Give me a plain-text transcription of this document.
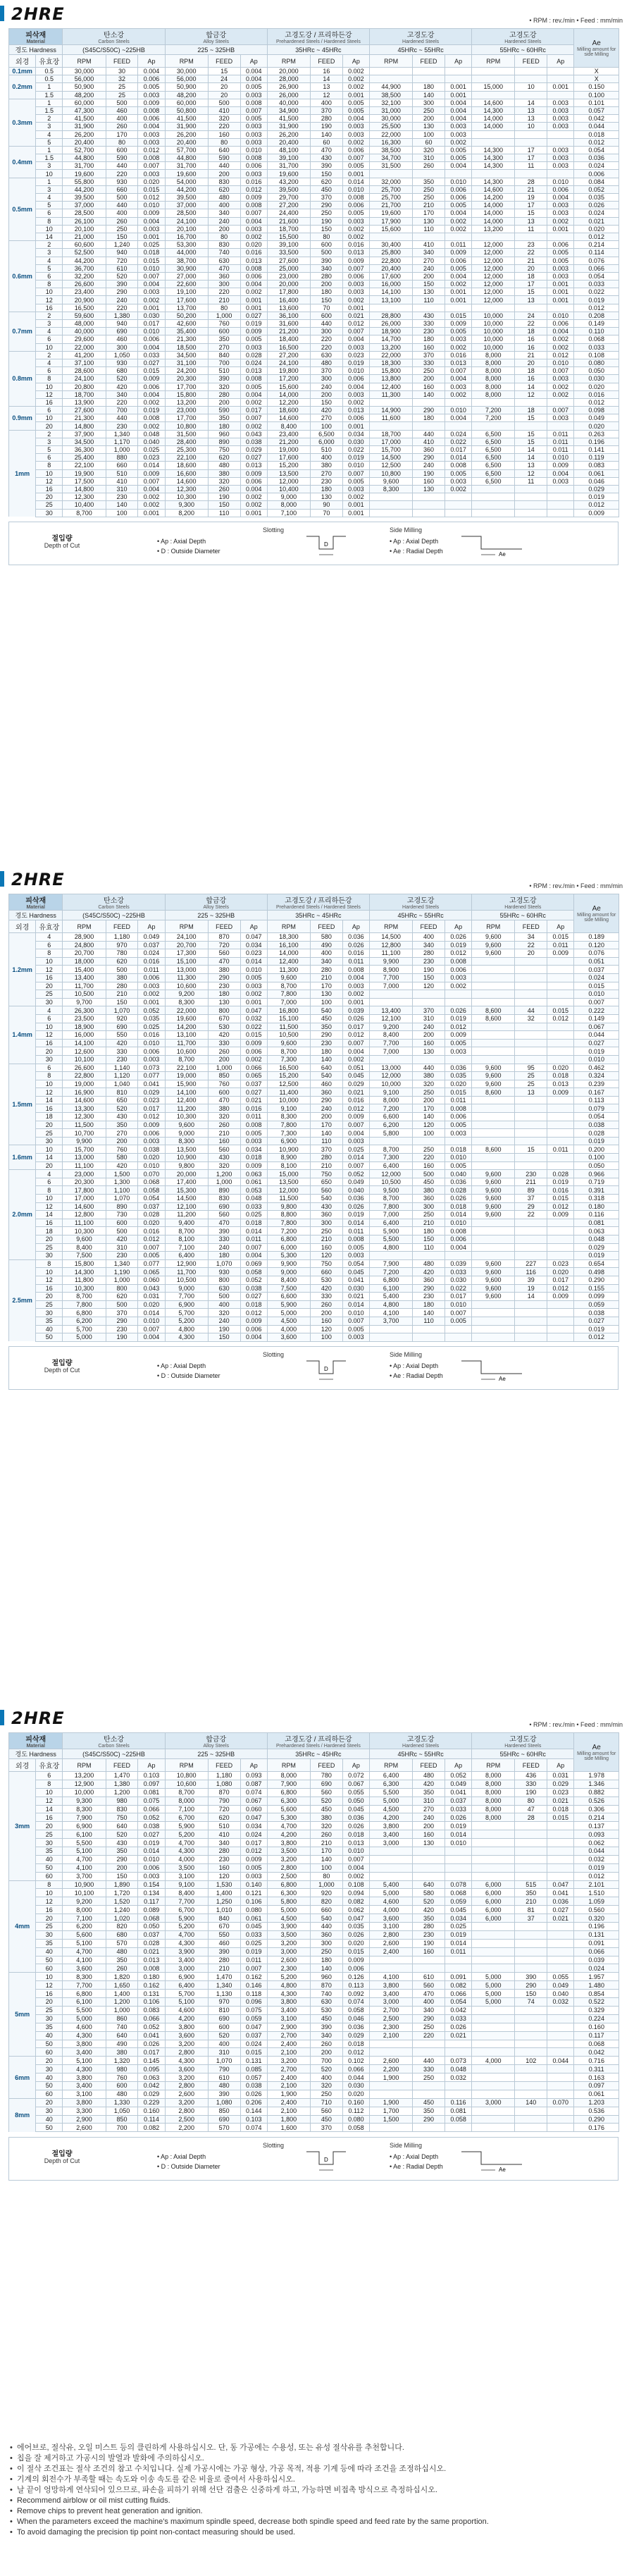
2HRE	• RPM : rev./min • Feed : mm/min
피삭재
Material		탄소강
Carbon Steels			합금강
Alloy Steels			고경도강 / 프리하든강
Prehardened Steels / Hardened Steels			고경도강
Hardened Steels			고경도강
Hardened Steels			Ae
Milling amount for side Milling

경도 Hardness		(S45C/S50C) ~225HB			225 ~ 325HB			35HRc ~ 45HRc			45HRc ~ 55HRc			55HRc ~ 60HRc			

외경	유효장	RPM	FEED	Ap	RPM	FEED	Ap	RPM	FEED	Ap	RPM	FEED	Ap	RPM	FEED	Ap	
0.1mm	0.5	30,000	30	0.004	30,000	15	0.004	20,000	16	0.002							X
0.2mm	0.5	56,000	32	0.006	56,000	24	0.004	28,000	14	0.002							X
	1	50,900	25	0.005	50,900	20	0.005	26,900	13	0.002	44,900	180	0.001	15,000	10	0.001	0.150
	1.5	48,200	25	0.003	48,200	20	0.003	26,000	12	0.001	38,500	140	0.001				0.100
0.3mm	1	60,000	500	0.009	60,000	500	0.008	40,000	400	0.005	32,100	300	0.004	14,600	14	0.003	0.101
	1.5	47,300	460	0.008	50,800	410	0.007	34,900	370	0.005	31,000	250	0.004	14,300	13	0.003	0.057
	2	41,500	400	0.006	41,500	320	0.005	41,500	280	0.004	30,000	200	0.004	14,000	13	0.003	0.042
	3	31,900	260	0.004	31,900	220	0.003	31,900	190	0.003	25,500	130	0.003	14,000	10	0.003	0.044
	4	26,200	170	0.003	26,200	160	0.003	26,200	140	0.003	22,000	100	0.003				0.018
	5	20,400	80	0.003	20,400	80	0.003	20,400	60	0.002	16,300	60	0.002				0.012
0.4mm	1	52,700	600	0.012	57,700	640	0.010	48,100	470	0.006	38,500	320	0.005	14,300	17	0.003	0.054
	1.5	44,800	590	0.008	44,800	590	0.008	39,100	430	0.007	34,700	310	0.005	14,300	17	0.003	0.036
	3	31,700	440	0.007	31,700	440	0.006	31,700	390	0.005	31,500	260	0.004	14,300	11	0.003	0.024
	10	19,600	220	0.003	19,600	200	0.003	19,600	150	0.001							0.006
0.5mm	1	55,800	930	0.020	54,000	830	0.016	43,200	620	0.014	32,000	350	0.010	14,300	28	0.010	0.084
	3	44,200	660	0.015	44,200	620	0.012	39,500	450	0.010	25,700	250	0.006	14,600	21	0.006	0.052
	4	39,500	500	0.012	39,500	480	0.009	29,700	370	0.008	25,700	250	0.006	14,200	19	0.004	0.035
	5	37,000	440	0.010	37,000	400	0.008	27,200	290	0.006	21,700	210	0.005	14,000	17	0.003	0.026
	6	28,500	400	0.009	28,500	340	0.007	24,400	250	0.005	19,600	170	0.004	14,000	15	0.003	0.024
	8	26,100	260	0.004	24,100	240	0.004	21,600	190	0.003	17,900	130	0.002	14,000	13	0.002	0.021
	10	20,100	250	0.003	20,100	200	0.003	18,700	150	0.002	15,600	110	0.002	13,200	11	0.001	0.020
	14	21,000	150	0.001	16,700	80	0.002	15,500	80	0.002							0.012
0.6mm	2	60,600	1,240	0.025	53,300	830	0.020	39,100	600	0.016	30,400	410	0.011	12,000	23	0.006	0.214
	3	52,500	940	0.018	44,000	740	0.016	33,500	500	0.013	25,800	340	0.009	12,000	22	0.005	0.114
	4	44,200	720	0.015	38,700	630	0.013	27,600	390	0.009	22,800	270	0.006	12,000	21	0.005	0.076
	5	36,700	610	0.010	30,900	470	0.008	25,000	340	0.007	20,400	240	0.005	12,000	20	0.003	0.066
	6	32,200	520	0.007	27,000	360	0.006	23,000	280	0.006	17,600	200	0.004	12,000	18	0.003	0.054
	8	26,600	390	0.004	22,600	300	0.004	20,000	200	0.003	16,000	150	0.002	12,000	17	0.001	0.033
	10	23,400	290	0.003	19,100	220	0.002	17,800	180	0.003	14,100	130	0.001	12,000	15	0.001	0.022
	12	20,900	240	0.002	17,600	210	0.001	16,400	150	0.002	13,100	110	0.001	12,000	13	0.001	0.019
	16	16,500	220	0.001	13,700	80	0.001	13,600	70	0.001							0.012
0.7mm	2	59,600	1,380	0.030	50,200	1,000	0.027	36,100	600	0.021	28,800	430	0.015	10,000	24	0.010	0.208
	3	48,000	940	0.017	42,600	760	0.019	31,600	440	0.012	26,000	330	0.009	10,000	22	0.006	0.149
	4	40,000	690	0.010	35,400	600	0.009	21,200	300	0.007	18,900	230	0.005	10,000	18	0.004	0.110
	6	29,600	460	0.006	21,300	350	0.005	18,400	220	0.004	14,700	180	0.003	10,000	16	0.002	0.068
	10	22,000	300	0.004	18,500	270	0.003	16,500	220	0.003	13,200	160	0.002	10,000	16	0.002	0.033
0.8mm	2	41,200	1,050	0.033	34,500	840	0.028	27,200	630	0.023	22,000	370	0.016	8,000	21	0.012	0.108
	4	37,100	930	0.027	31,100	700	0.024	24,100	480	0.019	18,300	330	0.013	8,000	20	0.010	0.080
	6	28,600	680	0.015	24,200	510	0.013	19,800	370	0.010	15,800	250	0.007	8,000	18	0.007	0.050
	8	24,100	520	0.009	20,300	390	0.008	17,200	300	0.006	13,800	200	0.004	8,000	16	0.003	0.030
	10	20,800	420	0.006	17,700	320	0.005	15,600	240	0.004	12,400	160	0.003	8,000	14	0.002	0.020
	12	18,700	340	0.004	15,800	280	0.004	14,000	200	0.003	11,300	140	0.002	8,000	12	0.002	0.016
	16	13,900	220	0.002	13,200	200	0.002	12,200	150	0.002							0.012
0.9mm	6	27,600	700	0.019	23,000	590	0.017	18,600	420	0.013	14,900	290	0.010	7,200	18	0.007	0.098
	10	21,300	440	0.008	17,700	350	0.007	14,600	270	0.006	11,600	180	0.004	7,200	15	0.003	0.049
	20	14,800	230	0.002	10,800	180	0.002	8,400	100	0.001							0.020
1mm	2	37,900	1,340	0.048	31,500	960	0.043	23,400	6,500	0.034	18,700	440	0.024	6,500	15	0.011	0.263
	3	34,500	1,170	0.040	28,400	890	0.038	21,200	6,000	0.030	17,000	410	0.022	6,500	15	0.011	0.196
	5	36,300	1,000	0.025	25,300	750	0.029	19,000	510	0.022	15,700	360	0.017	6,500	14	0.011	0.141
	6	25,400	880	0.023	22,100	620	0.027	17,600	400	0.019	14,500	290	0.014	6,500	14	0.010	0.119
	8	22,100	660	0.014	18,600	480	0.013	15,200	380	0.010	12,500	240	0.008	6,500	13	0.009	0.083
	10	19,900	510	0.009	16,600	380	0.009	13,500	270	0.007	10,800	190	0.005	6,500	12	0.004	0.061
	12	17,500	410	0.007	14,600	320	0.006	12,000	230	0.005	9,600	160	0.003	6,500	11	0.003	0.046
	16	14,800	310	0.004	12,300	260	0.004	10,400	180	0.003	8,300	130	0.002				0.029
	20	12,300	230	0.002	10,300	190	0.002	9,000	130	0.002							0.019
	25	10,400	140	0.002	9,300	150	0.002	8,000	90	0.001							0.012
	30	8,700	100	0.001	8,200	110	0.001	7,100	70	0.001							0.009
절입량
Depth of Cut
Slotting	Side Milling
• Ap : Axial Depth
• D : Outside Diameter
• Ap : Axial Depth
• Ae : Radial Depth
D
Ae
2HRE	• RPM : rev./min • Feed : mm/min
피삭재
Material		탄소강
Carbon Steels			합금강
Alloy Steels			고경도강 / 프리하든강
Prehardened Steels / Hardened Steels			고경도강
Hardened Steels			고경도강
Hardened Steels			Ae
Milling amount for side Milling

경도 Hardness		(S45C/S50C) ~225HB			225 ~ 325HB			35HRc ~ 45HRc			45HRc ~ 55HRc			55HRc ~ 60HRc			

외경	유효장	RPM	FEED	Ap	RPM	FEED	Ap	RPM	FEED	Ap	RPM	FEED	Ap	RPM	FEED	Ap	
1.2mm	4	28,900	1,180	0.049	24,100	870	0.047	18,300	580	0.036	14,500	400	0.026	9,600	34	0.015	0.189
	6	24,800	970	0.037	20,700	720	0.034	16,100	490	0.026	12,800	340	0.019	9,600	22	0.011	0.120
	8	20,700	780	0.024	17,300	560	0.023	14,000	400	0.016	11,100	280	0.012	9,600	20	0.009	0.076
	10	18,000	620	0.016	15,100	470	0.014	12,400	340	0.011	9,900	230	0.008				0.051
	12	15,400	500	0.011	13,000	380	0.010	11,300	280	0.008	8,900	190	0.006				0.037
	16	13,400	380	0.006	11,300	290	0.005	9,600	210	0.004	7,700	150	0.003				0.024
	20	11,700	280	0.003	10,600	230	0.003	8,700	170	0.003	7,000	120	0.002				0.015
	25	10,500	210	0.002	9,200	180	0.002	7,800	130	0.002							0.010
	30	9,700	150	0.001	8,300	130	0.001	7,000	100	0.001							0.007
1.4mm	4	26,300	1,070	0.052	22,000	800	0.047	16,800	540	0.039	13,400	370	0.026	8,600	44	0.015	0.222
	6	23,500	920	0.035	19,600	670	0.032	15,100	450	0.026	12,100	310	0.019	8,600	32	0.012	0.149
	10	18,900	690	0.025	14,200	530	0.022	11,500	350	0.017	9,200	240	0.012				0.067
	12	16,000	550	0.016	13,100	420	0.015	10,500	290	0.012	8,400	200	0.009				0.044
	16	14,100	420	0.010	11,700	330	0.009	9,600	230	0.007	7,700	160	0.005				0.027
	20	12,600	330	0.006	10,600	260	0.006	8,700	180	0.004	7,000	130	0.003				0.019
	30	10,100	230	0.003	8,700	200	0.002	7,300	140	0.002							0.010
1.5mm	6	26,600	1,140	0.073	22,100	1,000	0.066	16,500	640	0.051	13,000	440	0.036	9,600	95	0.020	0.462
	8	22,800	1,120	0.077	19,000	850	0.065	15,200	540	0.045	12,000	380	0.035	9,600	25	0.018	0.324
	10	19,000	1,040	0.041	15,900	760	0.037	12,500	460	0.029	10,000	320	0.020	9,600	25	0.013	0.239
	12	16,900	810	0.029	14,100	600	0.027	11,400	360	0.021	9,100	250	0.015	8,600	13	0.009	0.167
	14	14,600	650	0.023	12,400	470	0.021	10,000	290	0.016	8,000	200	0.011				0.113
	16	13,300	520	0.017	11,200	380	0.016	9,100	240	0.012	7,200	170	0.008				0.079
	18	12,300	430	0.012	10,300	320	0.011	8,300	200	0.009	6,600	140	0.006				0.054
	20	11,500	350	0.009	9,600	260	0.008	7,800	170	0.007	6,200	120	0.005				0.038
	25	10,700	270	0.006	9,000	210	0.005	7,300	140	0.004	5,800	100	0.003				0.028
	30	9,900	200	0.003	8,300	160	0.003	6,900	110	0.003							0.019
1.6mm	10	15,700	760	0.038	13,500	560	0.034	10,900	370	0.025	8,700	250	0.018	8,600	15	0.011	0.200
	14	13,000	580	0.020	10,900	430	0.018	8,900	280	0.014	7,300	220	0.010				0.100
	20	11,100	420	0.010	9,800	320	0.009	8,100	210	0.007	6,400	160	0.005				0.050
2.0mm	4	23,000	1,500	0.070	20,000	1,200	0.063	15,000	750	0.052	12,000	500	0.040	9,600	230	0.028	0.966
	6	20,300	1,300	0.068	17,400	1,000	0.061	13,500	650	0.049	10,500	450	0.036	9,600	211	0.019	0.719
	8	17,800	1,100	0.058	15,300	890	0.053	12,000	560	0.040	9,500	380	0.028	9,600	89	0.016	0.391
	10	17,000	1,070	0.054	14,500	830	0.048	11,500	540	0.036	8,700	360	0.026	9,600	37	0.015	0.318
	12	14,600	890	0.037	12,100	690	0.033	9,800	430	0.026	7,800	300	0.018	9,600	29	0.012	0.180
	14	12,800	730	0.028	11,200	560	0.025	8,800	360	0.019	7,000	250	0.014	9,600	22	0.009	0.116
	16	11,100	600	0.020	9,400	470	0.018	7,800	300	0.014	6,400	210	0.010				0.081
	18	10,300	500	0.016	8,700	390	0.014	7,200	250	0.011	5,900	180	0.008				0.063
	20	9,600	420	0.012	8,100	330	0.011	6,800	210	0.008	5,500	150	0.006				0.048
	25	8,400	310	0.007	7,100	240	0.007	6,000	160	0.005	4,800	110	0.004				0.029
	30	7,500	230	0.005	6,400	180	0.004	5,300	120	0.003							0.019
2.5mm	8	15,800	1,340	0.077	12,900	1,070	0.069	9,900	750	0.054	7,900	480	0.039	9,600	227	0.023	0.654
	10	14,300	1,190	0.065	11,700	930	0.058	9,000	660	0.045	7,200	420	0.033	9,600	116	0.020	0.498
	12	11,800	1,000	0.060	10,500	800	0.052	8,400	530	0.041	6,800	360	0.030	9,600	39	0.017	0.290
	16	10,300	800	0.043	9,000	630	0.038	7,500	420	0.030	6,100	290	0.022	9,600	19	0.012	0.155
	20	8,700	620	0.031	7,700	500	0.027	6,600	330	0.021	5,400	230	0.017	9,600	14	0.009	0.099
	25	7,800	500	0.020	6,900	400	0.018	5,900	260	0.014	4,800	180	0.010				0.059
	30	6,800	370	0.014	5,700	320	0.012	5,000	200	0.010	4,100	140	0.007				0.038
	35	6,200	290	0.010	5,200	240	0.009	4,500	160	0.007	3,700	110	0.005				0.027
	40	5,700	230	0.007	4,800	190	0.006	4,000	120	0.005							0.019
	50	5,000	190	0.004	4,300	150	0.004	3,600	100	0.003							0.012
절입량
Depth of Cut
Slotting	Side Milling
• Ap : Axial Depth
• D : Outside Diameter
• Ap : Axial Depth
• Ae : Radial Depth
D
Ae
2HRE	• RPM : rev./min • Feed : mm/min
피삭재
Material		탄소강
Carbon Steels			합금강
Alloy Steels			고경도강 / 프리하든강
Prehardened Steels / Hardened Steels			고경도강
Hardened Steels			고경도강
Hardened Steels			Ae
Milling amount for side Milling

경도 Hardness		(S45C/S50C) ~225HB			225 ~ 325HB			35HRc ~ 45HRc			45HRc ~ 55HRc			55HRc ~ 60HRc			

외경	유효장	RPM	FEED	Ap	RPM	FEED	Ap	RPM	FEED	Ap	RPM	FEED	Ap	RPM	FEED	Ap	
3mm	6	13,200	1,470	0.103	10,800	1,180	0.093	8,000	780	0.072	6,400	480	0.052	8,000	436	0.031	1.978
	8	12,900	1,380	0.097	10,600	1,080	0.087	7,900	690	0.067	6,300	420	0.049	8,000	330	0.029	1.346
	10	10,000	1,200	0.081	8,700	870	0.074	6,800	560	0.055	5,500	350	0.041	8,000	190	0.023	0.882
	12	9,300	980	0.075	8,000	790	0.067	6,300	520	0.050	5,000	310	0.037	8,000	80	0.021	0.526
	14	8,300	830	0.066	7,100	720	0.060	5,600	450	0.045	4,500	270	0.033	8,000	47	0.018	0.306
	16	7,900	750	0.052	6,700	620	0.047	5,300	380	0.036	4,200	240	0.026	8,000	28	0.015	0.214
	20	6,900	640	0.038	5,900	510	0.034	4,700	320	0.026	3,800	200	0.019				0.137
	25	6,100	520	0.027	5,200	410	0.024	4,200	260	0.018	3,400	160	0.014				0.093
	30	5,500	430	0.019	4,700	340	0.017	3,800	210	0.013	3,000	130	0.010				0.062
	35	5,100	350	0.014	4,300	280	0.012	3,500	170	0.010							0.044
	40	4,700	290	0.010	4,000	230	0.009	3,200	140	0.007							0.032
	50	4,100	200	0.006	3,500	160	0.005	2,800	100	0.004							0.019
	60	3,700	150	0.003	3,100	120	0.003	2,500	80	0.002							0.012
4mm	8	10,900	1,890	0.154	9,100	1,530	0.140	6,800	1,000	0.108	5,400	640	0.078	6,000	515	0.047	2.101
	10	10,100	1,720	0.134	8,400	1,400	0.121	6,300	920	0.094	5,000	580	0.068	6,000	350	0.041	1.510
	12	9,200	1,520	0.117	7,700	1,250	0.106	5,800	820	0.082	4,600	520	0.059	6,000	210	0.036	1.059
	16	8,000	1,240	0.089	6,700	1,010	0.080	5,000	660	0.062	4,000	420	0.045	6,000	81	0.027	0.560
	20	7,100	1,020	0.068	5,900	840	0.061	4,500	540	0.047	3,600	350	0.034	6,000	37	0.021	0.320
	25	6,200	820	0.050	5,200	670	0.045	3,900	440	0.035	3,100	280	0.025				0.196
	30	5,600	680	0.037	4,700	550	0.033	3,500	360	0.026	2,800	230	0.019				0.131
	35	5,100	570	0.028	4,300	460	0.025	3,200	300	0.020	2,600	190	0.014				0.091
	40	4,700	480	0.021	3,900	390	0.019	3,000	250	0.015	2,400	160	0.011				0.066
	50	4,100	350	0.013	3,400	280	0.011	2,600	180	0.009							0.039
	60	3,600	260	0.008	3,000	210	0.007	2,300	140	0.006							0.024
5mm	10	8,300	1,820	0.180	6,900	1,470	0.162	5,200	960	0.126	4,100	610	0.091	5,000	390	0.055	1.957
	12	7,700	1,650	0.162	6,400	1,340	0.146	4,800	870	0.113	3,800	560	0.082	5,000	290	0.049	1.480
	16	6,800	1,400	0.131	5,700	1,130	0.118	4,300	740	0.092	3,400	470	0.066	5,000	150	0.040	0.854
	20	6,100	1,200	0.106	5,100	970	0.096	3,800	630	0.074	3,000	400	0.054	5,000	74	0.032	0.522
	25	5,500	1,000	0.083	4,600	810	0.075	3,400	530	0.058	2,700	340	0.042				0.329
	30	5,000	860	0.066	4,200	690	0.059	3,100	450	0.046	2,500	290	0.033				0.224
	35	4,600	740	0.052	3,800	600	0.047	2,900	390	0.036	2,300	250	0.026				0.160
	40	4,300	640	0.041	3,600	520	0.037	2,700	340	0.029	2,100	220	0.021				0.117
	50	3,800	490	0.026	3,200	400	0.024	2,400	260	0.018							0.068
	60	3,400	380	0.017	2,800	310	0.015	2,100	200	0.012							0.042
6mm	20	5,100	1,320	0.145	4,300	1,070	0.131	3,200	700	0.102	2,600	440	0.073	4,000	102	0.044	0.716
	30	4,300	980	0.095	3,600	790	0.085	2,700	520	0.066	2,200	330	0.048				0.311
	40	3,800	760	0.063	3,200	610	0.057	2,400	400	0.044	1,900	250	0.032				0.163
	50	3,400	600	0.042	2,800	480	0.038	2,100	320	0.030							0.097
	60	3,100	480	0.029	2,600	390	0.026	1,900	250	0.020							0.061
8mm	20	3,800	1,330	0.229	3,200	1,080	0.206	2,400	710	0.160	1,900	450	0.116	3,000	140	0.070	1.203
	30	3,300	1,050	0.160	2,800	850	0.144	2,100	560	0.112	1,700	350	0.081				0.536
	40	2,900	850	0.114	2,500	690	0.103	1,800	450	0.080	1,500	290	0.058				0.290
	50	2,600	700	0.082	2,200	570	0.074	1,600	370	0.058							0.176
절입량
Depth of Cut
Slotting	Side Milling
• Ap : Axial Depth
• D : Outside Diameter
• Ap : Axial Depth
• Ae : Radial Depth
D
Ae
• 에어브로, 절삭유, 오일 미스트 등의 클린하게 사용하십시오. 단, 동 가공에는 수용성, 또는 유성 절삭유를 추천합니다.
• 칩을 잘 제거하고 가공시의 발열과 발화에 주의하십시오.
• 이 절삭 조건표는 절삭 조건의 참고 수치입니다. 실제 가공시에는 가공 형상, 가공 목적, 적용 기계 등에 따라 조건을 조정하십시오.
• 기계의 회전수가 부족할 때는 속도와 이송 속도를 같은 비율로 줄여서 사용하십시오.
• 날 끝이 엉망하게 연삭되어 있으므로, 파손을 피하기 위해 선단 검출은 신중하게 하고, 가능하면 비접촉 방식으로 측정하십시오.
• Recommend airblow or oil mist cutting fluids.
• Remove chips to prevent heat generation and ignition.
• When the parameters exceed the machine's maximum spindle speed, decrease both spindle speed and feed rate by the same proportion.
• To avoid damaging the precision tip point non-contact measuring should be used.
